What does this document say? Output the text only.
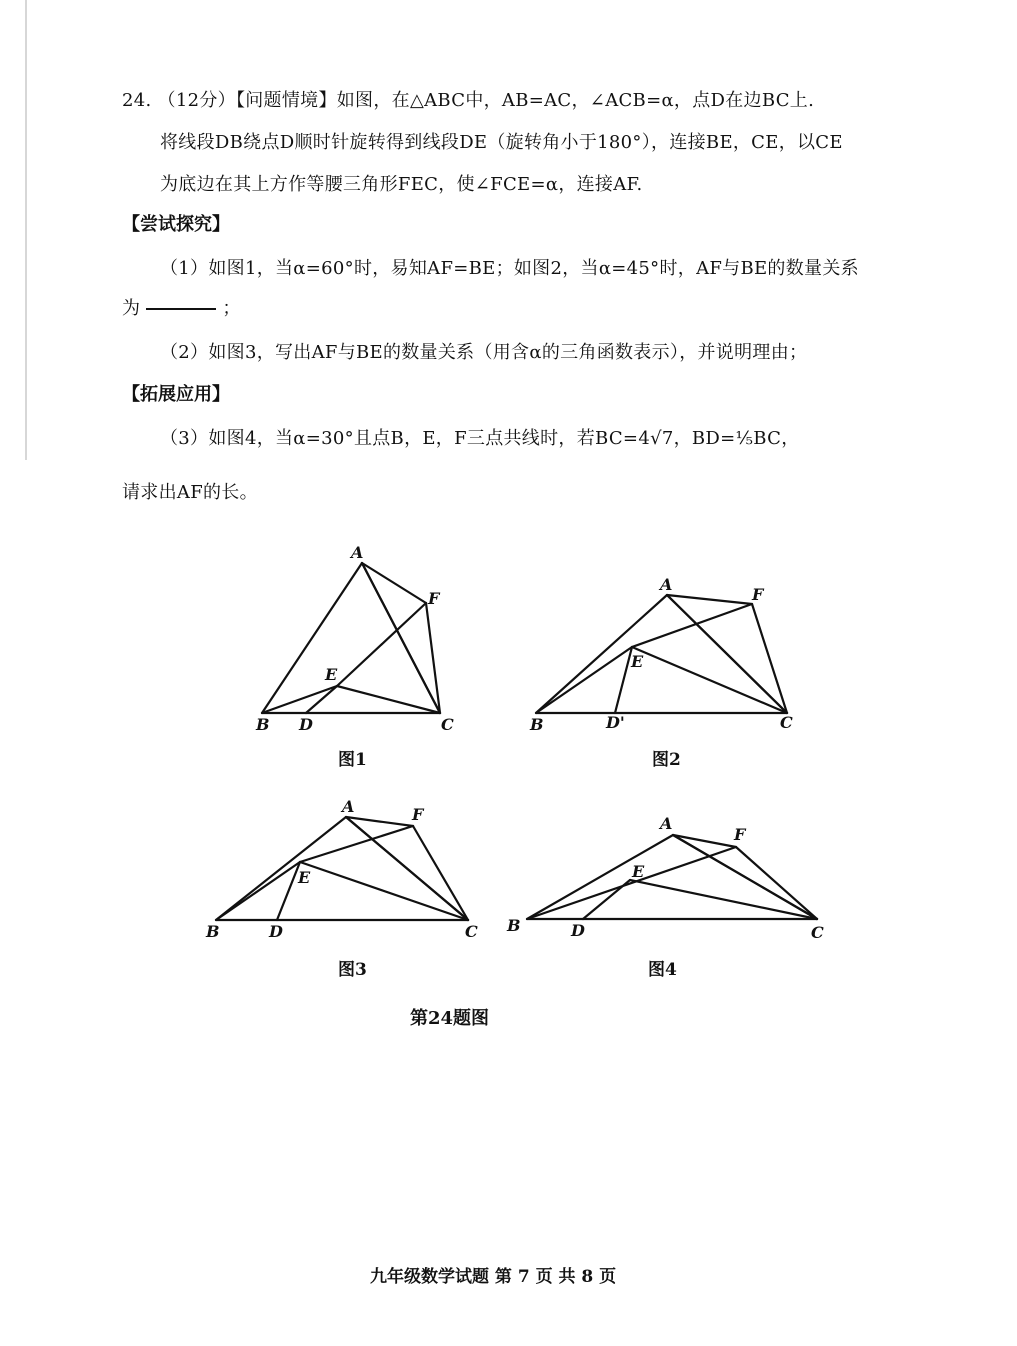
24. （12分）【问题情境】如图，在△ABC中，AB=AC，∠ACB=α，点D在边BC上.
将线段DB绕点D顺时针旋转得到线段DE（旋转角小于180°），连接BE，CE，以CE
为底边在其上方作等腰三角形FEC，使∠FCE=α，连接AF.
【尝试探究】
（1）如图1，当α=60°时，易知AF=BE；如图2，当α=45°时，AF与BE的数量关系
为	；
（2）如图3，写出AF与BE的数量关系（用含α的三角函数表示），并说明理由；
【拓展应用】
（3）如图4，当α=30°且点B，E，F三点共线时，若BC=4√7，BD=⅕BC，
请求出AF的长。
A
F
E
B D	C
图1
A
F
E
B	D'	C
图2
A	F
E
B	D	C
图3
A
F
E
B	D	C
图4
第24题图
九年级数学试题 第 7 页 共 8 页
